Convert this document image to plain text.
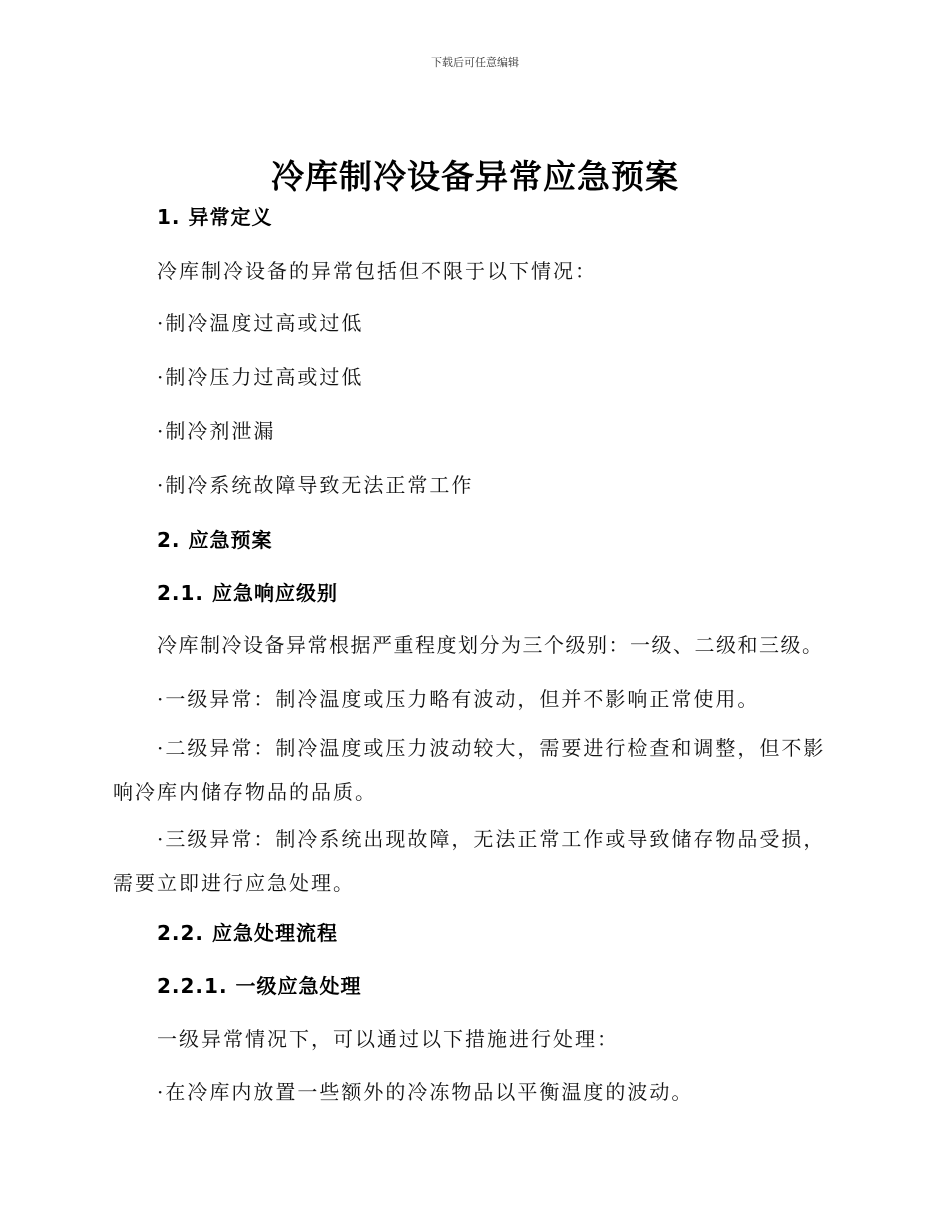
下载后可任意编辑
冷库制冷设备异常应急预案
1. 异常定义
冷库制冷设备的异常包括但不限于以下情况：
·制冷温度过高或过低
·制冷压力过高或过低
·制冷剂泄漏
·制冷系统故障导致无法正常工作
2. 应急预案
2.1. 应急响应级别
冷库制冷设备异常根据严重程度划分为三个级别：一级、二级和三级。
·一级异常：制冷温度或压力略有波动，但并不影响正常使用。
·二级异常：制冷温度或压力波动较大，需要进行检查和调整，但不影响冷库内储存物品的品质。
·三级异常：制冷系统出现故障，无法正常工作或导致储存物品受损，需要立即进行应急处理。
2.2. 应急处理流程
2.2.1. 一级应急处理
一级异常情况下，可以通过以下措施进行处理：
·在冷库内放置一些额外的冷冻物品以平衡温度的波动。
